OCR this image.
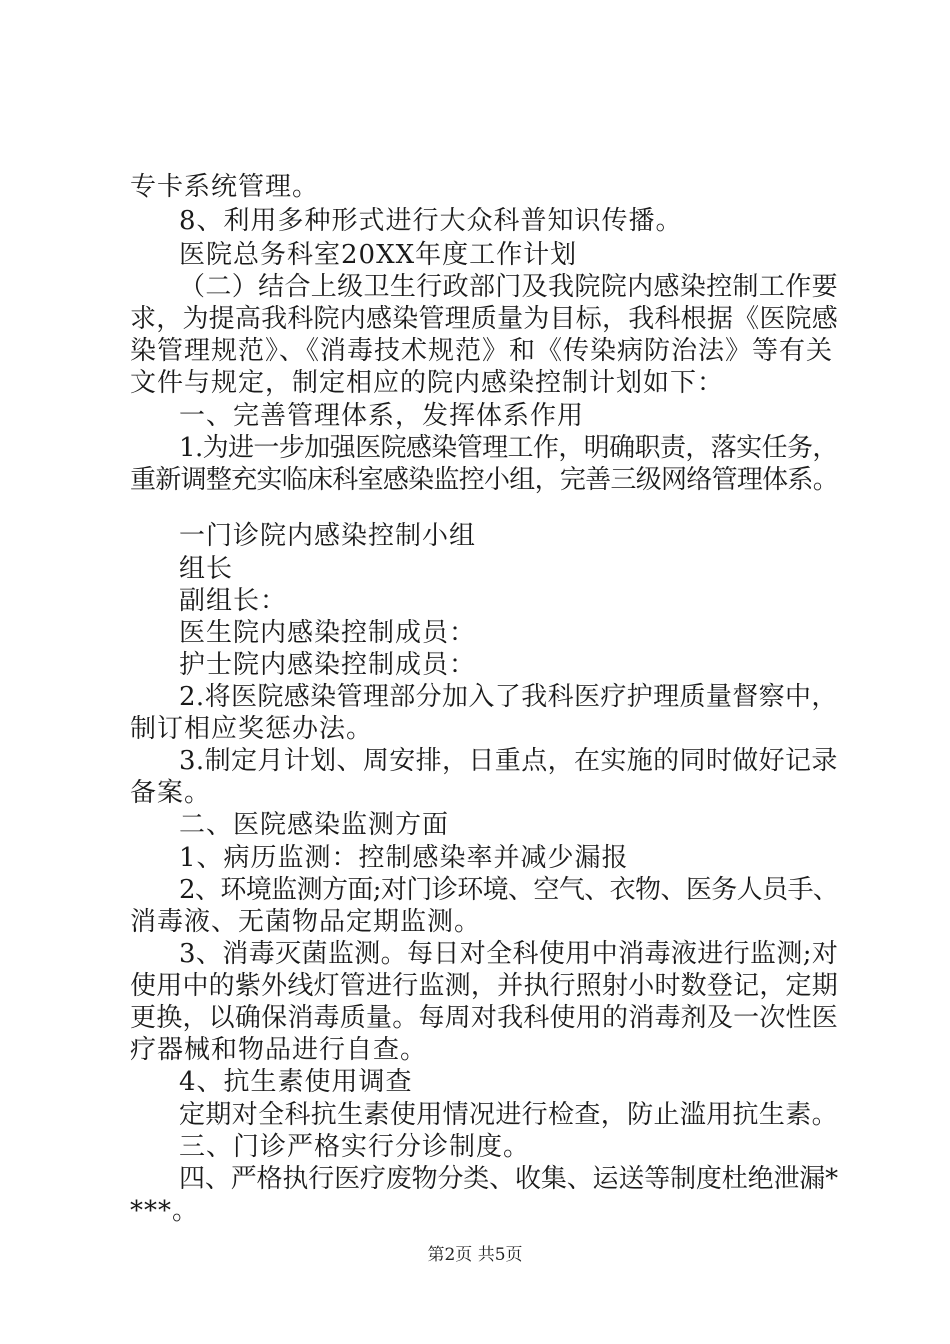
专卡系统管理。
8、利用多种形式进行大众科普知识传播。
医院总务科室20XX年度工作计划
（二）结合上级卫生行政部门及我院院内感染控制工作要
求，为提高我科院内感染管理质量为目标，我科根据《医院感
染管理规范》、《消毒技术规范》和《传染病防治法》等有关
文件与规定，制定相应的院内感染控制计划如下：
一、完善管理体系，发挥体系作用
1.为进一步加强医院感染管理工作，明确职责，落实任务，
重新调整充实临床科室感染监控小组，完善三级网络管理体系。
一门诊院内感染控制小组
组长
副组长：
医生院内感染控制成员：
护士院内感染控制成员：
2.将医院感染管理部分加入了我科医疗护理质量督察中，
制订相应奖惩办法。
3.制定月计划、周安排，日重点，在实施的同时做好记录
备案。
二、医院感染监测方面
1、病历监测：控制感染率并减少漏报
2、环境监测方面;对门诊环境、空气、衣物、医务人员手、
消毒液、无菌物品定期监测。
3、消毒灭菌监测。每日对全科使用中消毒液进行监测;对
使用中的紫外线灯管进行监测，并执行照射小时数登记，定期
更换，以确保消毒质量。每周对我科使用的消毒剂及一次性医
疗器械和物品进行自查。
4、抗生素使用调查
定期对全科抗生素使用情况进行检查，防止滥用抗生素。
三、门诊严格实行分诊制度。
四、严格执行医疗废物分类、收集、运送等制度杜绝泄漏*
***。
第2页 共5页
